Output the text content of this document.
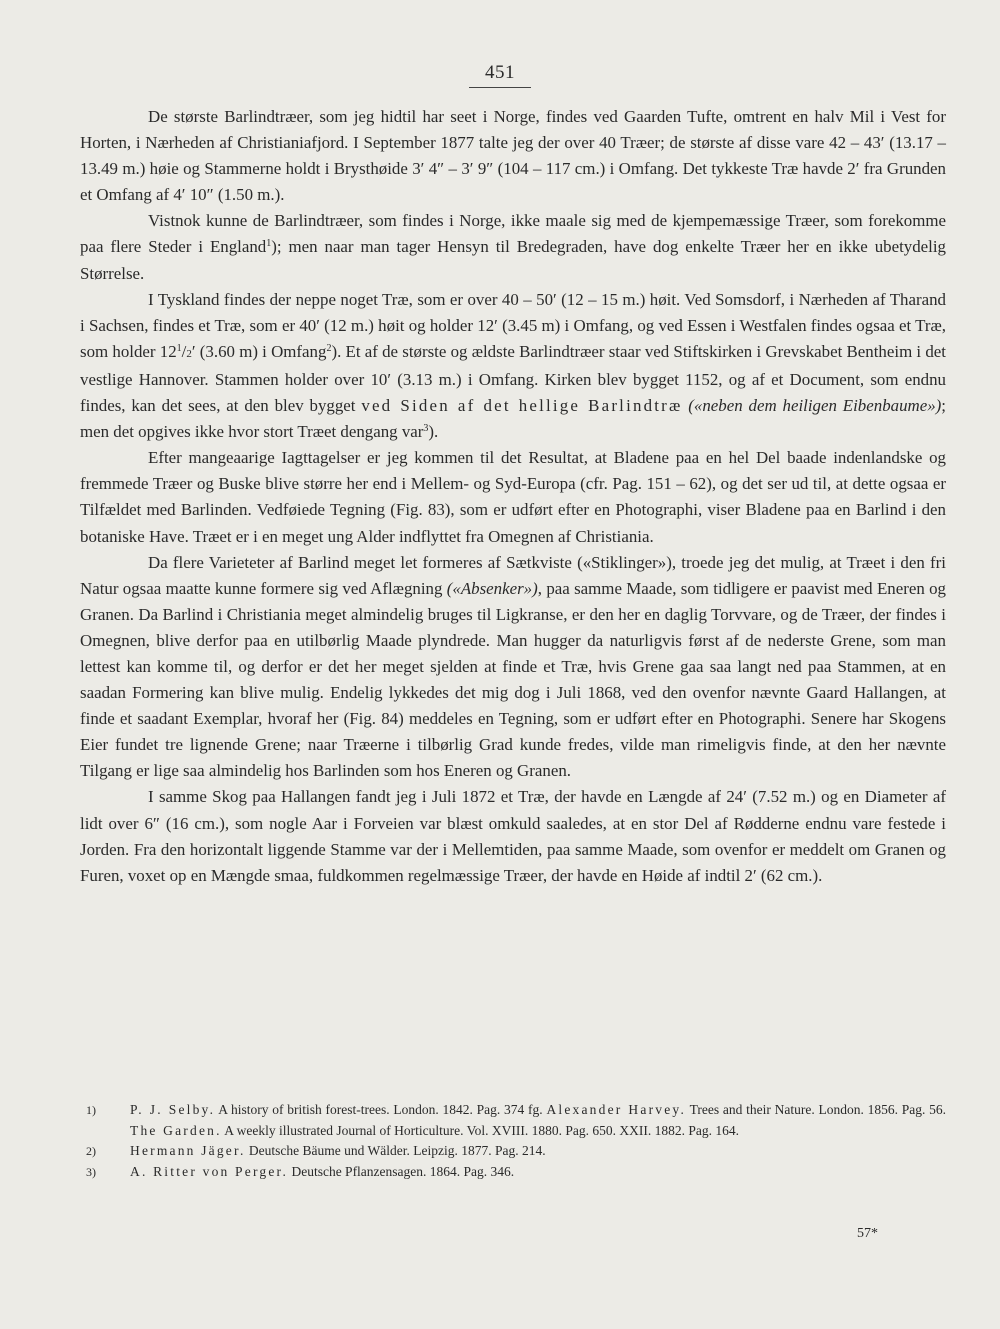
451

De største Barlindtræer, som jeg hidtil har seet i Norge, findes ved Gaarden Tufte, omtrent en halv Mil i Vest for Horten, i Nærheden af Christianiafjord. I September 1877 talte jeg der over 40 Træer; de største af disse vare 42 – 43′ (13.17 – 13.49 m.) høie og Stammerne holdt i Brysthøide 3′ 4″ – 3′ 9″ (104 – 117 cm.) i Omfang. Det tykkeste Træ havde 2′ fra Grunden et Omfang af 4′ 10″ (1.50 m.).

Vistnok kunne de Barlindtræer, som findes i Norge, ikke maale sig med de kjempemæssige Træer, som forekomme paa flere Steder i England$^1$); men naar man tager Hensyn til Bredegraden, have dog enkelte Træer her en ikke ubetydelig Størrelse.

I Tyskland findes der neppe noget Træ, som er over 40 – 50′ (12 – 15 m.) høit. Ved Somsdorf, i Nærheden af Tharand i Sachsen, findes et Træ, som er 40′ (12 m.) høit og holder 12′ (3.45 m) i Omfang, og ved Essen i Westfalen findes ogsaa et Træ, som holder $12^1/2'$ (3.60 m) i Omfang$^2$). Et af de største og ældste Barlindtræer staar ved Stiftskirken i Grevskabet Bentheim i det vestlige Hannover. Stammen holder over 10′ (3.13 m.) i Omfang. Kirken blev bygget 1152, og af et Document, som endnu findes, kan det sees, at den blev bygget ved Siden af det hellige Barlindtræ («neben dem heiligen Eibenbaume»); men det opgives ikke hvor stort Træet dengang var$^3$).

Efter mangeaarige Iagttagelser er jeg kommen til det Resultat, at Bladene paa en hel Del baade indenlandske og fremmede Træer og Buske blive større her end i Mellem- og Syd-Europa (cfr. Pag. 151 – 62), og det ser ud til, at dette ogsaa er Tilfældet med Barlinden. Vedføiede Tegning (Fig. 83), som er udført efter en Photographi, viser Bladene paa en Barlind i den botaniske Have. Træet er i en meget ung Alder indflyttet fra Omegnen af Christiania.

Da flere Varieteter af Barlind meget let formeres af Sætkviste («Stiklinger»), troede jeg det mulig, at Træet i den fri Natur ogsaa maatte kunne formere sig ved Aflægning («Absenker»), paa samme Maade, som tidligere er paavist med Eneren og Granen. Da Barlind i Christiania meget almindelig bruges til Ligkranse, er den her en daglig Torvvare, og de Træer, der findes i Omegnen, blive derfor paa en utilbørlig Maade plyndrede. Man hugger da naturligvis først af de nederste Grene, som man lettest kan komme til, og derfor er det her meget sjelden at finde et Træ, hvis Grene gaa saa langt ned paa Stammen, at en saadan Formering kan blive mulig. Endelig lykkedes det mig dog i Juli 1868, ved den ovenfor nævnte Gaard Hallangen, at finde et saadant Exemplar, hvoraf her (Fig. 84) meddeles en Tegning, som er udført efter en Photographi. Senere har Skogens Eier fundet tre lignende Grene; naar Træerne i tilbørlig Grad kunde fredes, vilde man rimeligvis finde, at den her nævnte Tilgang er lige saa almindelig hos Barlinden som hos Eneren og Granen.

I samme Skog paa Hallangen fandt jeg i Juli 1872 et Træ, der havde en Længde af 24′ (7.52 m.) og en Diameter af lidt over 6″ (16 cm.), som nogle Aar i Forveien var blæst omkuld saaledes, at en stor Del af Rødderne endnu vare festede i Jorden. Fra den horizontalt liggende Stamme var der i Mellemtiden, paa samme Maade, som ovenfor er meddelt om Granen og Furen, voxet op en Mængde smaa, fuldkommen regelmæssige Træer, der havde en Høide af indtil 2′ (62 cm.).

1)	P. J. Selby. A history of british forest-trees. London. 1842. Pag. 374 fg. Alexander Harvey. Trees and their Nature. London. 1856. Pag. 56. The Garden. A weekly illustrated Journal of Horticulture. Vol. XVIII. 1880. Pag. 650. XXII. 1882. Pag. 164.
2)	Hermann Jäger. Deutsche Bäume und Wälder. Leipzig. 1877. Pag. 214.
3)	A. Ritter von Perger. Deutsche Pflanzensagen. 1864. Pag. 346.
57*
